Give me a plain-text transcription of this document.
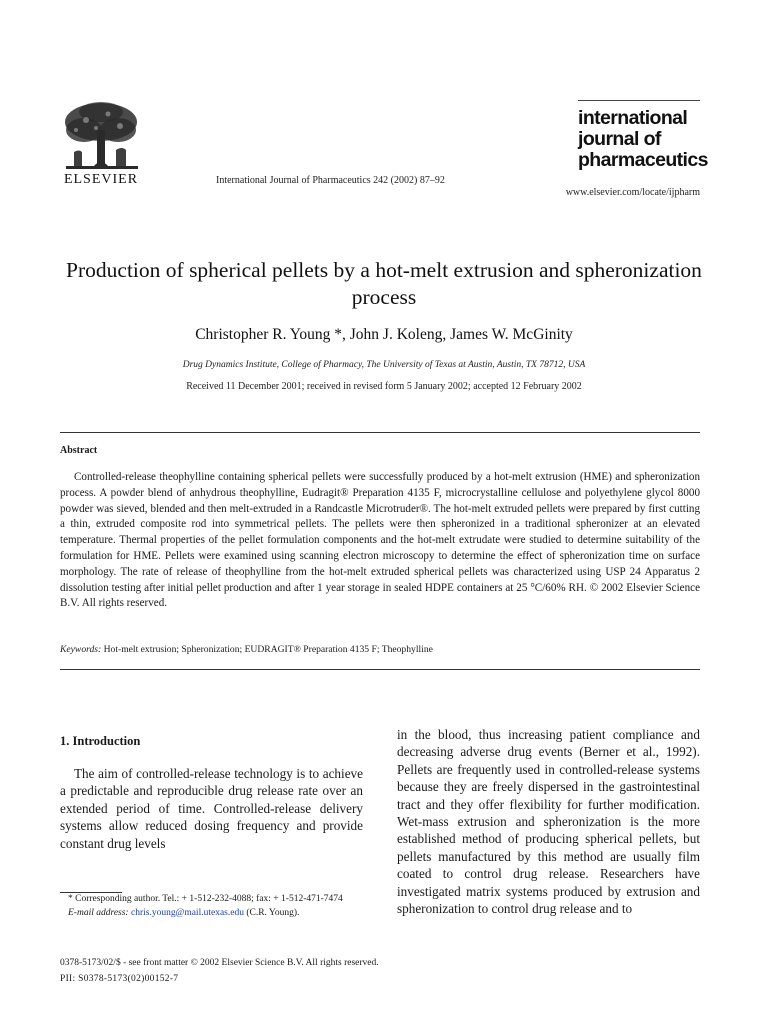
ELSEVIER	International Journal of Pharmaceutics 242 (2002) 87–92
international
journal of
pharmaceutics
www.elsevier.com/locate/ijpharm
Production of spherical pellets by a hot-melt extrusion and spheronization process
Christopher R. Young *, John J. Koleng, James W. McGinity
Drug Dynamics Institute, College of Pharmacy, The University of Texas at Austin, Austin, TX 78712, USA
Received 11 December 2001; received in revised form 5 January 2002; accepted 12 February 2002
Abstract
Controlled-release theophylline containing spherical pellets were successfully produced by a hot-melt extrusion (HME) and spheronization process. A powder blend of anhydrous theophylline, Eudragit® Preparation 4135 F, microcrystalline cellulose and polyethylene glycol 8000 powder was sieved, blended and then melt-extruded in a Randcastle Microtruder®. The hot-melt extruded pellets were prepared by first cutting a thin, extruded composite rod into symmetrical pellets. The pellets were then spheronized in a traditional spheronizer at an elevated temperature. Thermal properties of the pellet formulation components and the hot-melt extrudate were studied to determine suitability of the formulation for HME. Pellets were examined using scanning electron microscopy to determine the effect of spheronization time on surface morphology. The rate of release of theophylline from the hot-melt extruded spherical pellets was characterized using USP 24 Apparatus 2 dissolution testing after initial pellet production and after 1 year storage in sealed HDPE containers at 25 °C/60% RH. © 2002 Elsevier Science B.V. All rights reserved.
Keywords: Hot-melt extrusion; Spheronization; EUDRAGIT® Preparation 4135 F; Theophylline
1. Introduction
The aim of controlled-release technology is to achieve a predictable and reproducible drug release rate over an extended period of time. Controlled-release delivery systems allow reduced dosing frequency and provide constant drug levels
in the blood, thus increasing patient compliance and decreasing adverse drug events (Berner et al., 1992). Pellets are frequently used in controlled-release systems because they are freely dispersed in the gastrointestinal tract and they offer flexibility for further modification. Wet-mass extrusion and spheronization is the more established method of producing spherical pellets, but pellets manufactured by this method are usually film coated to control drug release. Researchers have investigated matrix systems produced by extrusion and spheronization to control drug release and to
* Corresponding author. Tel.: + 1-512-232-4088; fax: + 1-512-471-7474
E-mail address: chris.young@mail.utexas.edu (C.R. Young).
0378-5173/02/$ - see front matter © 2002 Elsevier Science B.V. All rights reserved.
PII: S0378-5173(02)00152-7
